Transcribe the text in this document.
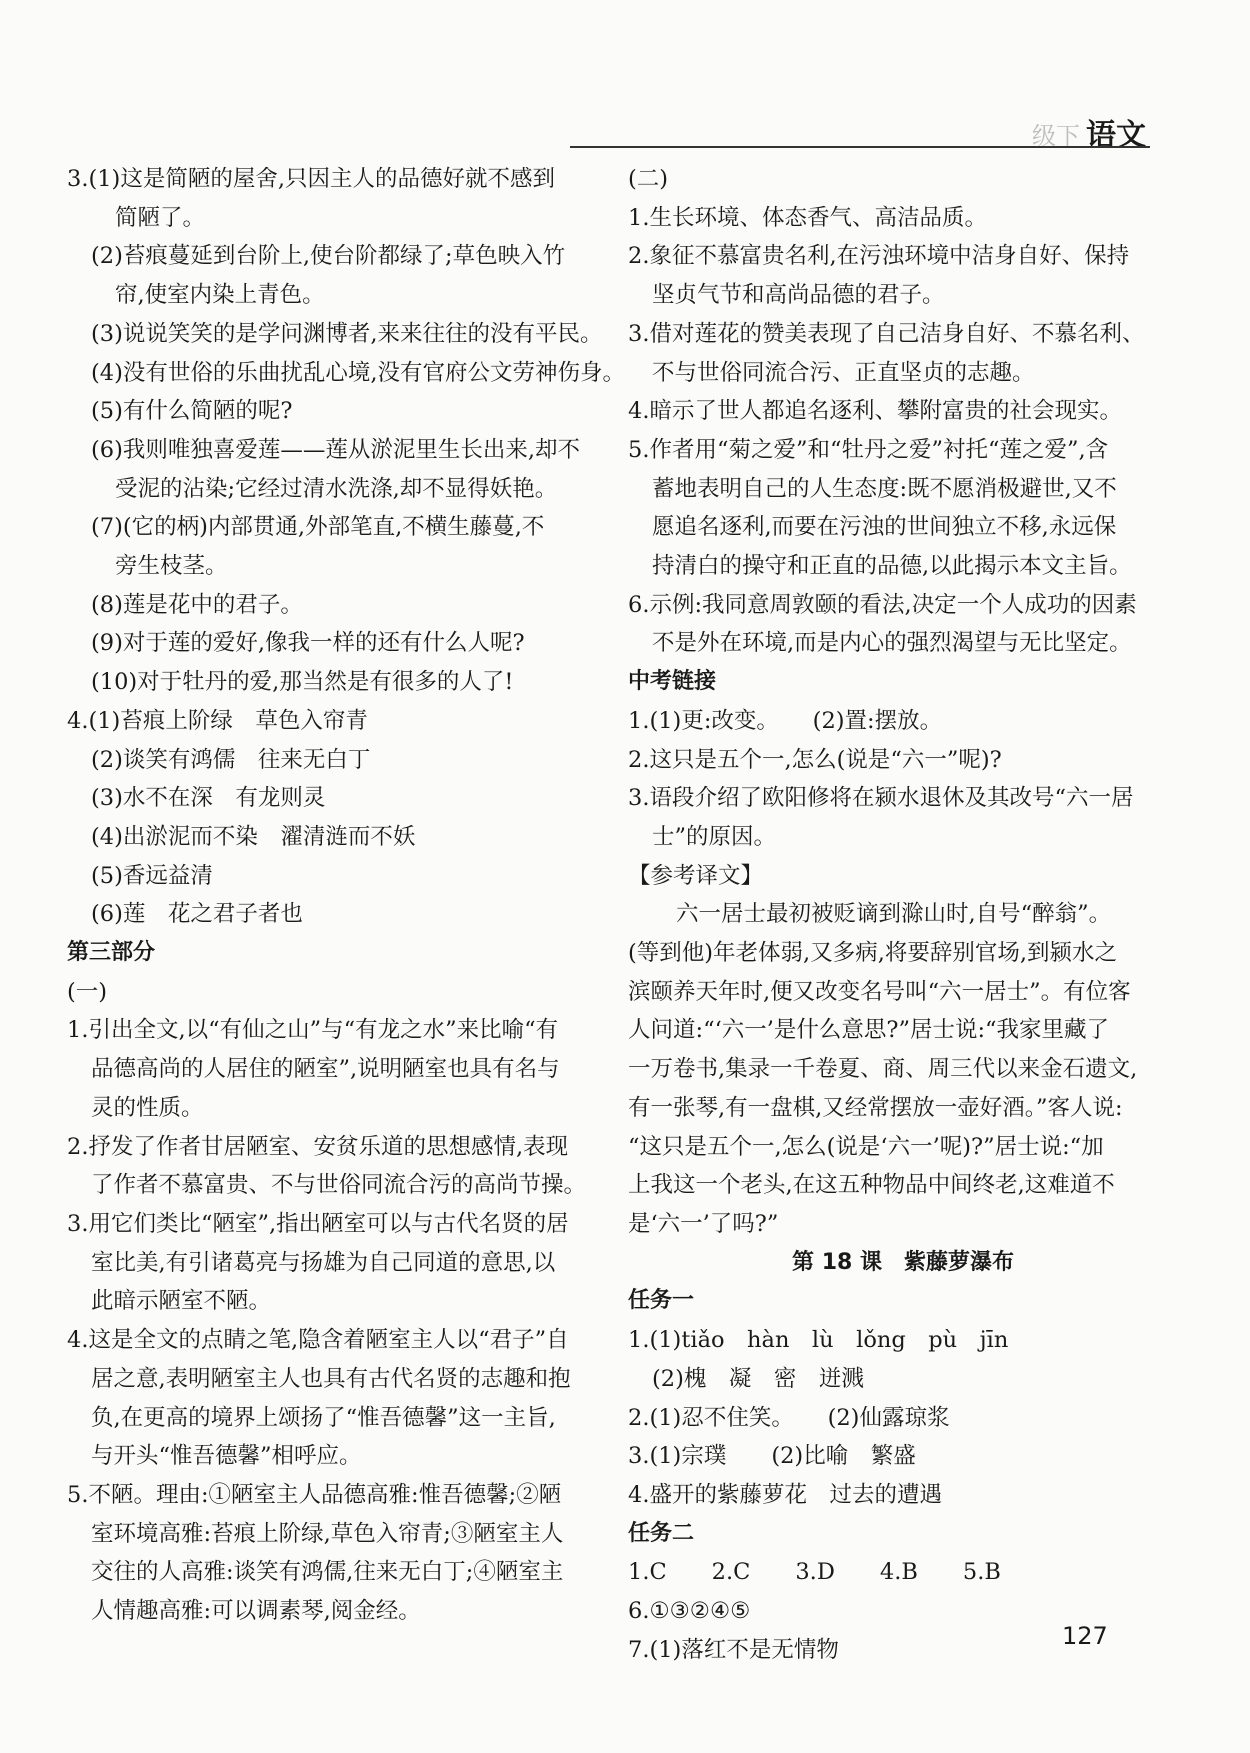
级下 语文
3.(1)这是简陋的屋舍,只因主人的品德好就不感到
简陋了。
(2)苔痕蔓延到台阶上,使台阶都绿了;草色映入竹
帘,使室内染上青色。
(3)说说笑笑的是学问渊博者,来来往往的没有平民。
(4)没有世俗的乐曲扰乱心境,没有官府公文劳神伤身。
(5)有什么简陋的呢?
(6)我则唯独喜爱莲——莲从淤泥里生长出来,却不
受泥的沾染;它经过清水洗涤,却不显得妖艳。
(7)(它的柄)内部贯通,外部笔直,不横生藤蔓,不
旁生枝茎。
(8)莲是花中的君子。
(9)对于莲的爱好,像我一样的还有什么人呢?
(10)对于牡丹的爱,那当然是有很多的人了!
4.(1)苔痕上阶绿　草色入帘青
(2)谈笑有鸿儒　往来无白丁
(3)水不在深　有龙则灵
(4)出淤泥而不染　濯清涟而不妖
(5)香远益清
(6)莲　花之君子者也
第三部分
(一)
1.引出全文,以“有仙之山”与“有龙之水”来比喻“有
品德高尚的人居住的陋室”,说明陋室也具有名与
灵的性质。
2.抒发了作者甘居陋室、安贫乐道的思想感情,表现
了作者不慕富贵、不与世俗同流合污的高尚节操。
3.用它们类比“陋室”,指出陋室可以与古代名贤的居
室比美,有引诸葛亮与扬雄为自己同道的意思,以
此暗示陋室不陋。
4.这是全文的点睛之笔,隐含着陋室主人以“君子”自
居之意,表明陋室主人也具有古代名贤的志趣和抱
负,在更高的境界上颂扬了“惟吾德馨”这一主旨,
与开头“惟吾德馨”相呼应。
5.不陋。理由:①陋室主人品德高雅:惟吾德馨;②陋
室环境高雅:苔痕上阶绿,草色入帘青;③陋室主人
交往的人高雅:谈笑有鸿儒,往来无白丁;④陋室主
人情趣高雅:可以调素琴,阅金经。
(二)
1.生长环境、体态香气、高洁品质。
2.象征不慕富贵名利,在污浊环境中洁身自好、保持
坚贞气节和高尚品德的君子。
3.借对莲花的赞美表现了自己洁身自好、不慕名利、
不与世俗同流合污、正直坚贞的志趣。
4.暗示了世人都追名逐利、攀附富贵的社会现实。
5.作者用“菊之爱”和“牡丹之爱”衬托“莲之爱”,含
蓄地表明自己的人生态度:既不愿消极避世,又不
愿追名逐利,而要在污浊的世间独立不移,永远保
持清白的操守和正直的品德,以此揭示本文主旨。
6.示例:我同意周敦颐的看法,决定一个人成功的因素
不是外在环境,而是内心的强烈渴望与无比坚定。
中考链接
1.(1)更:改变。　　(2)置:摆放。
2.这只是五个一,怎么(说是“六一”呢)?
3.语段介绍了欧阳修将在颍水退休及其改号“六一居
士”的原因。
【参考译文】
六一居士最初被贬谪到滁山时,自号“醉翁”。
(等到他)年老体弱,又多病,将要辞别官场,到颍水之
滨颐养天年时,便又改变名号叫“六一居士”。有位客
人问道:“‘六一’是什么意思?”居士说:“我家里藏了
一万卷书,集录一千卷夏、商、周三代以来金石遗文,
有一张琴,有一盘棋,又经常摆放一壶好酒。”客人说:
“这只是五个一,怎么(说是‘六一’呢)?”居士说:“加
上我这一个老头,在这五种物品中间终老,这难道不
是‘六一’了吗?”
第 18 课　紫藤萝瀑布
任务一
1.(1)tiǎo　hàn　lù　lǒng　pù　jīn
(2)槐　凝　密　迸溅
2.(1)忍不住笑。　　(2)仙露琼浆
3.(1)宗璞　　(2)比喻　繁盛
4.盛开的紫藤萝花　过去的遭遇
任务二
1.C　　2.C　　3.D　　4.B　　5.B
6.①③②④⑤
7.(1)落红不是无情物	127
